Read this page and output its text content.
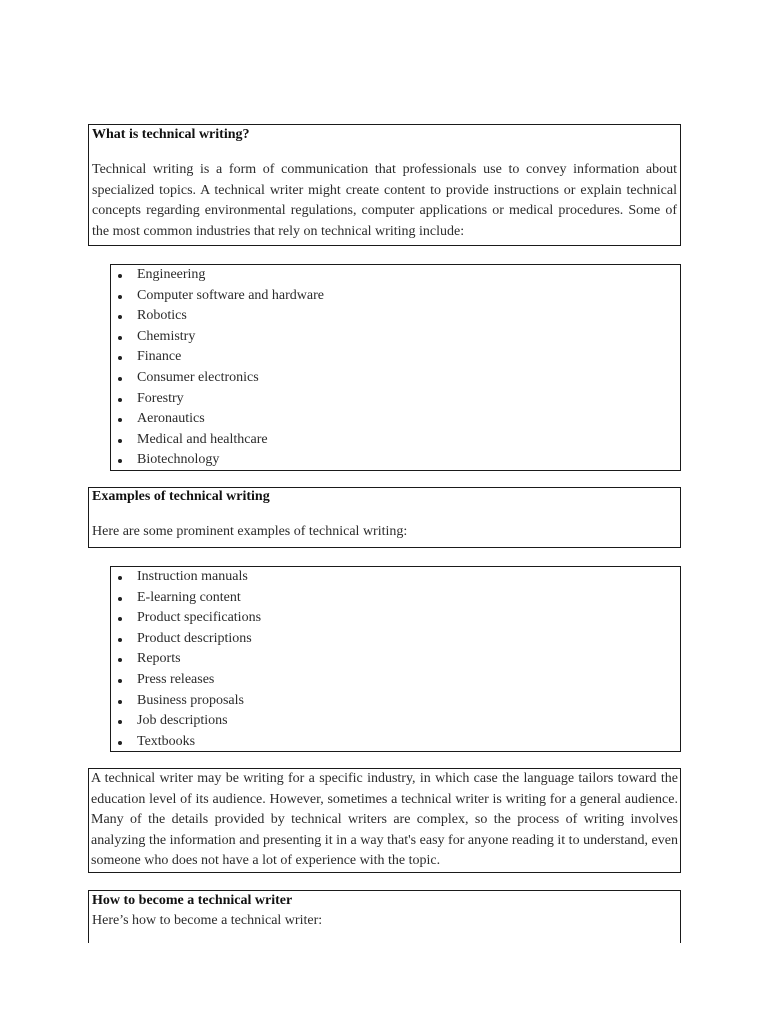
What is technical writing?
Technical writing is a form of communication that professionals use to convey information about specialized topics. A technical writer might create content to provide instructions or explain technical concepts regarding environmental regulations, computer applications or medical procedures. Some of the most common industries that rely on technical writing include:
Engineering
Computer software and hardware
Robotics
Chemistry
Finance
Consumer electronics
Forestry
Aeronautics
Medical and healthcare
Biotechnology
Examples of technical writing
Here are some prominent examples of technical writing:
Instruction manuals
E-learning content
Product specifications
Product descriptions
Reports
Press releases
Business proposals
Job descriptions
Textbooks
A technical writer may be writing for a specific industry, in which case the language tailors toward the education level of its audience. However, sometimes a technical writer is writing for a general audience. Many of the details provided by technical writers are complex, so the process of writing involves analyzing the information and presenting it in a way that's easy for anyone reading it to understand, even someone who does not have a lot of experience with the topic.
How to become a technical writer
Here’s how to become a technical writer:
